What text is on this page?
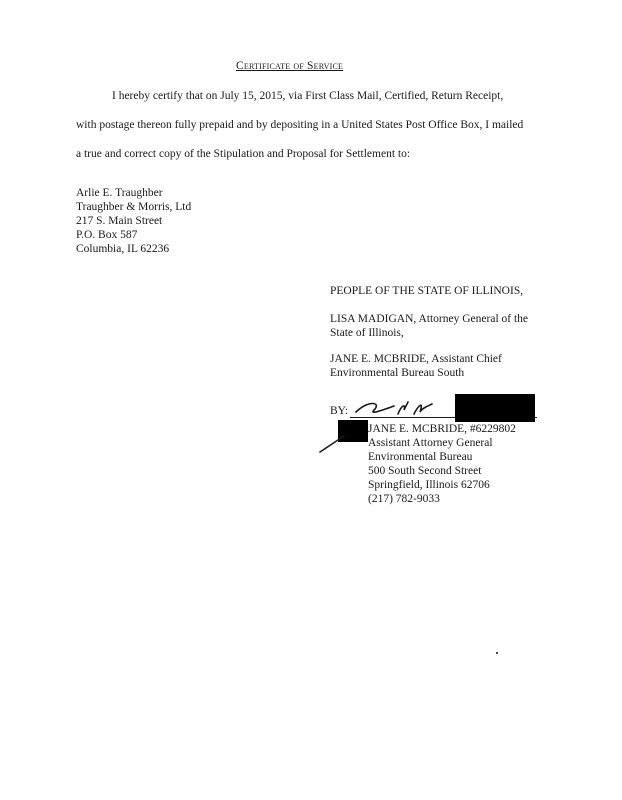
Certificate of Service
I hereby certify that on July 15, 2015, via First Class Mail, Certified, Return Receipt,
with postage thereon fully prepaid and by depositing in a United States Post Office Box, I mailed
a true and correct copy of the Stipulation and Proposal for Settlement to:
Arlie E. Traughber
Traughber & Morris, Ltd
217 S. Main Street
P.O. Box 587
Columbia, IL 62236
PEOPLE OF THE STATE OF ILLINOIS,
LISA MADIGAN, Attorney General of the
State of Illinois,
JANE E. MCBRIDE, Assistant Chief
Environmental Bureau South
BY:
JANE E. MCBRIDE, #6229802
Assistant Attorney General
Environmental Bureau
500 South Second Street
Springfield, Illinois 62706
(217) 782-9033
